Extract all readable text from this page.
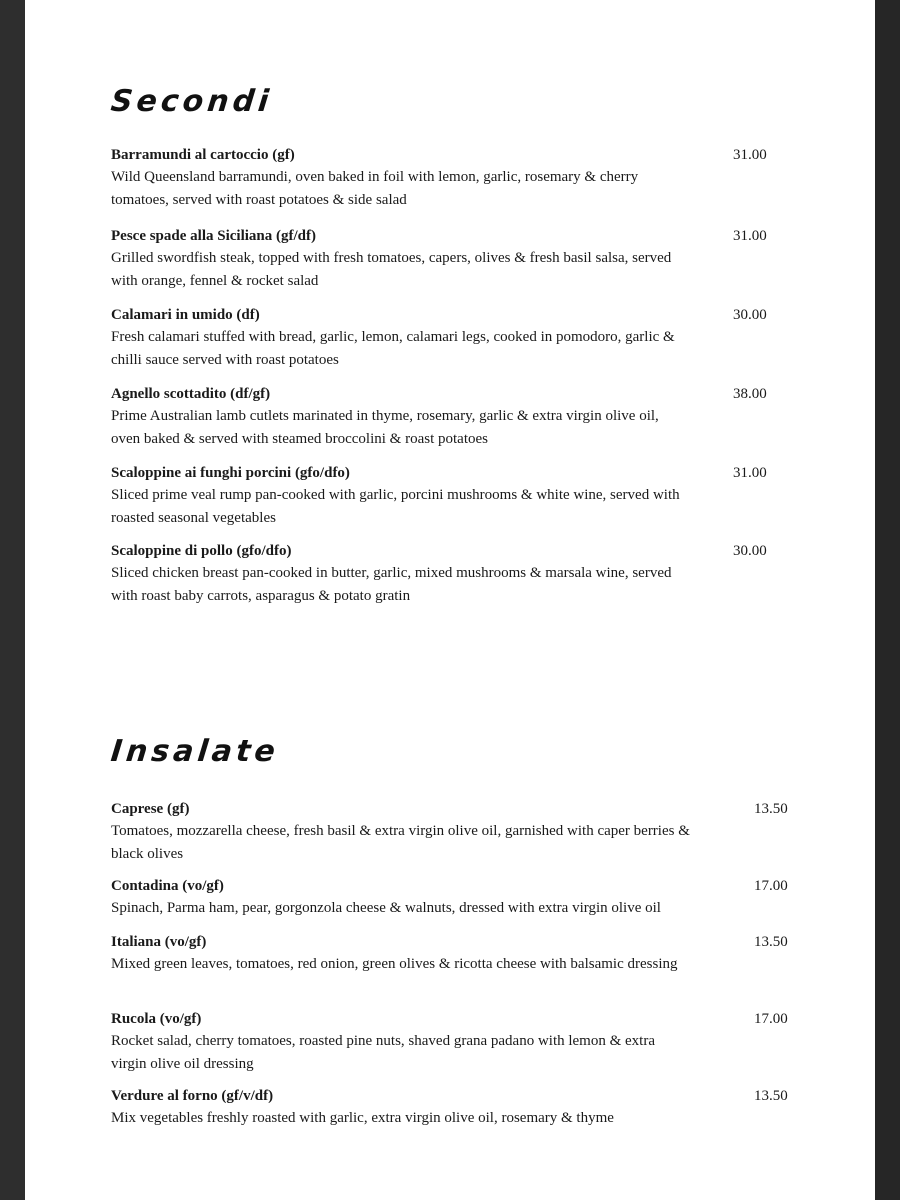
Secondi

Barramundi al cartoccio (gf)

Wild Queensland barramundi, oven baked in foil with lemon, garlic, rosemary & cherry tomatoes, served with roast potatoes & side salad

31.00

Pesce spade alla Siciliana (gf/df)

Grilled swordfish steak, topped with fresh tomatoes, capers, olives & fresh basil salsa, served with orange, fennel & rocket salad

31.00

Calamari in umido (df)

Fresh calamari stuffed with bread, garlic, lemon, calamari legs, cooked in pomodoro, garlic & chilli sauce served with roast potatoes

30.00

Agnello scottadito (df/gf)

Prime Australian lamb cutlets marinated in thyme, rosemary, garlic & extra virgin olive oil, oven baked & served with steamed broccolini & roast potatoes

38.00

Scaloppine ai funghi porcini (gfo/dfo)

Sliced prime veal rump pan-cooked with garlic, porcini mushrooms & white wine, served with roasted seasonal vegetables

31.00

Scaloppine di pollo (gfo/dfo)

Sliced chicken breast pan-cooked in butter, garlic, mixed mushrooms & marsala wine, served with roast baby carrots, asparagus & potato gratin

30.00
Insalate

Caprese (gf)

Tomatoes, mozzarella cheese, fresh basil & extra virgin olive oil, garnished with caper berries & black olives

13.50

Contadina (vo/gf)

Spinach, Parma ham, pear, gorgonzola cheese & walnuts, dressed with extra virgin olive oil

17.00

Italiana (vo/gf)

Mixed green leaves, tomatoes, red onion, green olives & ricotta cheese with balsamic dressing

13.50

Rucola (vo/gf)

Rocket salad, cherry tomatoes, roasted pine nuts, shaved grana padano with lemon & extra virgin olive oil dressing

17.00

Verdure al forno (gf/v/df)

Mix vegetables freshly roasted with garlic, extra virgin olive oil, rosemary & thyme

13.50
